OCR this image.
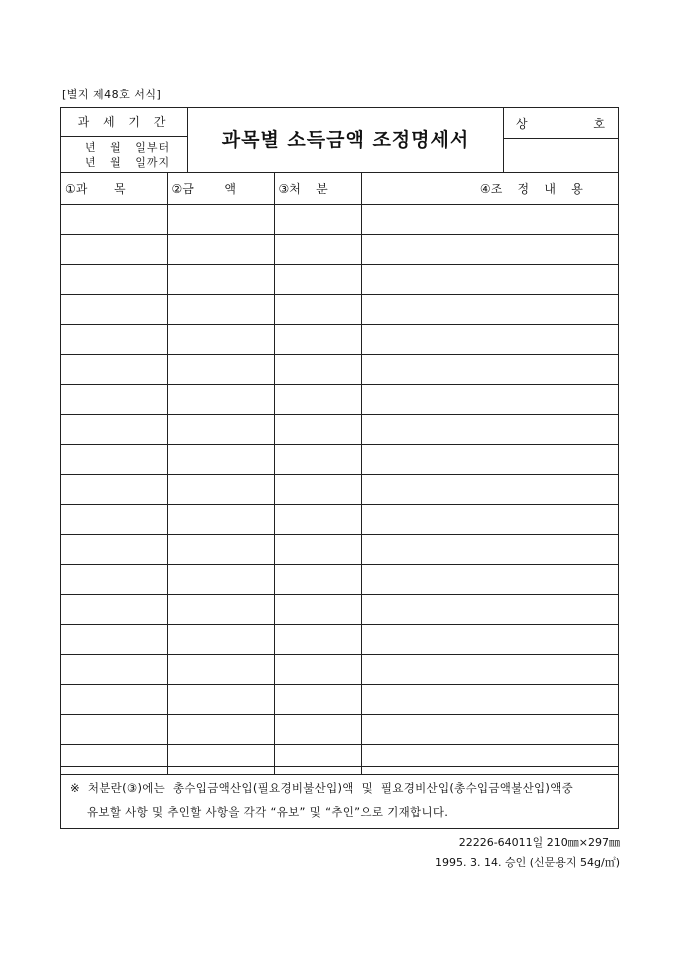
[별지 제48호 서식]
과 세 기 간
년   월   일부터
년   월   일까지
과목별 소득금액 조정명세서
상	호
①과       목	②금        액	③처    분	④조    정    내    용

※  처분란(③)에는  총수입금액산입(필요경비불산입)액  및  필요경비산입(총수입금액불산입)액중
유보할 사항 및 추인할 사항을 각각 “유보” 및 “추인”으로 기재합니다.
22226-64011일 210㎜×297㎜
1995. 3. 14. 승인 (신문용지 54g/㎡)
